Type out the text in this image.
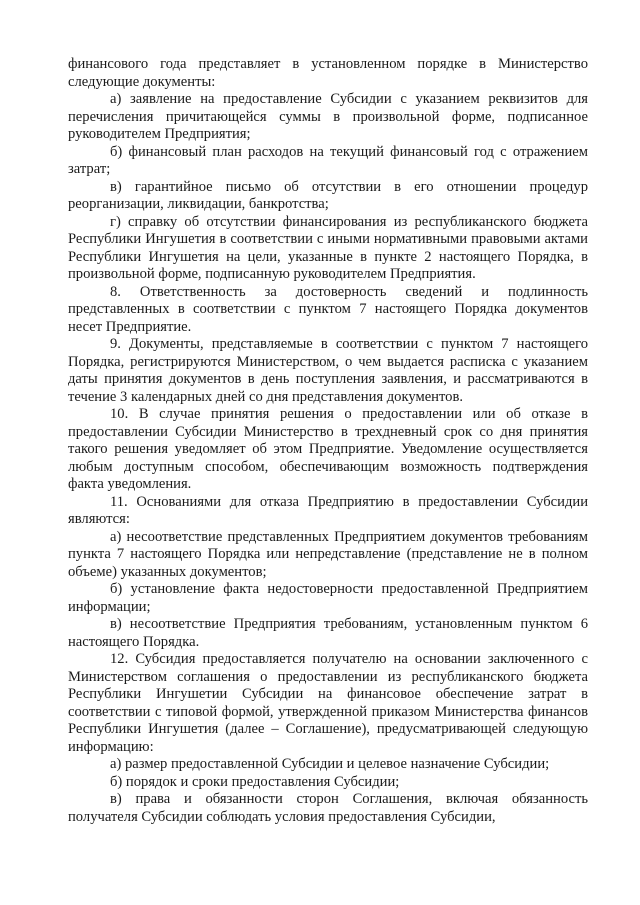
финансового года представляет в установленном порядке в Министерство следующие документы:

а) заявление на предоставление Субсидии с указанием реквизитов для перечисления причитающейся суммы в произвольной форме, подписанное руководителем Предприятия;

б) финансовый план расходов на текущий финансовый год с отражением затрат;

в) гарантийное письмо об отсутствии в его отношении процедур реорганизации, ликвидации, банкротства;

г) справку об отсутствии финансирования из республиканского бюджета Республики Ингушетия в соответствии с иными нормативными правовыми актами Республики Ингушетия на цели, указанные в пункте 2 настоящего Порядка, в произвольной форме, подписанную руководителем Предприятия.

8. Ответственность за достоверность сведений и подлинность представленных в соответствии с пунктом 7 настоящего Порядка документов несет Предприятие.

9. Документы, представляемые в соответствии с пунктом 7 настоящего Порядка, регистрируются Министерством, о чем выдается расписка с указанием даты принятия документов в день поступления заявления, и рассматриваются в течение 3 календарных дней со дня представления документов.

10. В случае принятия решения о предоставлении или об отказе в предоставлении Субсидии Министерство в трехдневный срок со дня принятия такого решения уведомляет об этом Предприятие. Уведомление осуществляется любым доступным способом, обеспечивающим возможность подтверждения факта уведомления.

11. Основаниями для отказа Предприятию в предоставлении Субсидии являются:

а) несоответствие представленных Предприятием документов требованиям пункта 7 настоящего Порядка или непредставление (представление не в полном объеме) указанных документов;

б) установление факта недостоверности предоставленной Предприятием информации;

в) несоответствие Предприятия требованиям, установленным пунктом 6 настоящего Порядка.

12. Субсидия предоставляется получателю на основании заключенного с Министерством соглашения о предоставлении из республиканского бюджета Республики Ингушетии Субсидии на финансовое обеспечение затрат в соответствии с типовой формой, утвержденной приказом Министерства финансов Республики Ингушетия (далее – Соглашение), предусматривающей следующую информацию:

а) размер предоставленной Субсидии и целевое назначение Субсидии;

б) порядок и сроки предоставления Субсидии;

в) права и обязанности сторон Соглашения, включая обязанность получателя Субсидии соблюдать условия предоставления Субсидии,
